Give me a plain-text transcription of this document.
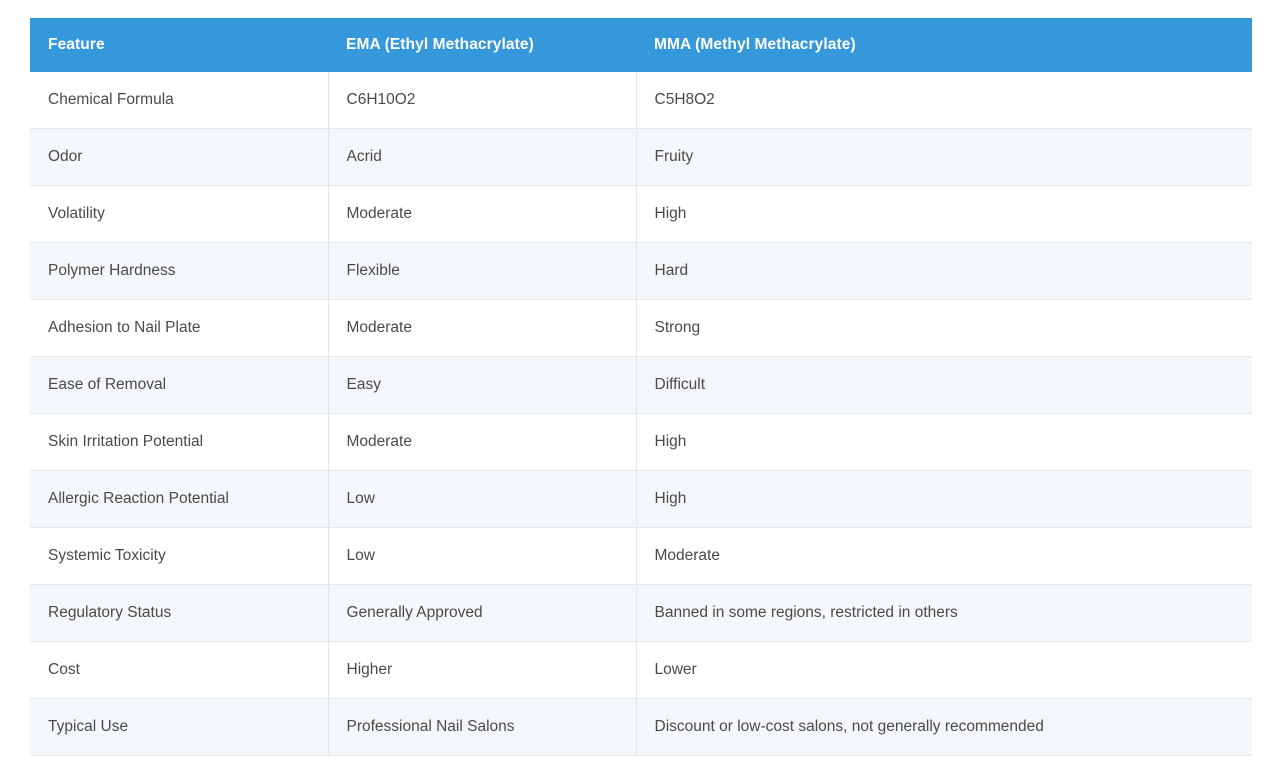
Feature	EMA (Ethyl Methacrylate)	MMA (Methyl Methacrylate)

Chemical Formula	C6H10O2	C5H8O2
Odor	Acrid	Fruity
Volatility	Moderate	High
Polymer Hardness	Flexible	Hard
Adhesion to Nail Plate	Moderate	Strong
Ease of Removal	Easy	Difficult
Skin Irritation Potential	Moderate	High
Allergic Reaction Potential	Low	High
Systemic Toxicity	Low	Moderate
Regulatory Status	Generally Approved	Banned in some regions, restricted in others
Cost	Higher	Lower
Typical Use	Professional Nail Salons	Discount or low-cost salons, not generally recommended
